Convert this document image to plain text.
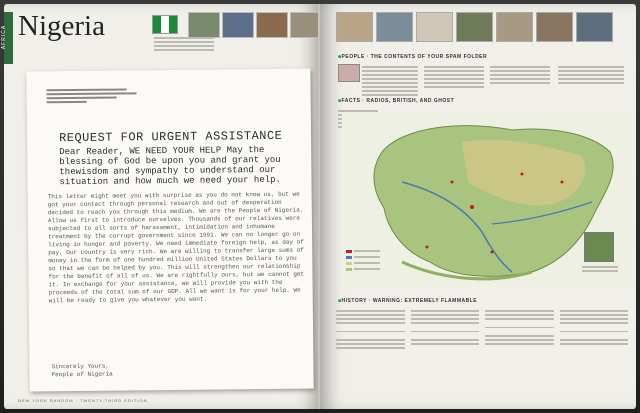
AFRICA Nigeria
REQUEST FOR URGENT ASSISTANCE
Dear Reader, WE NEED YOUR HELP May the blessing of God be upon you and grant you thewisdom and sympathy to understand our situation and how much we need your help.
This letter might meet you with surprise as you do not know us, but we got your contact through personal research and out of desperation decided to reach you through this medium. We are the People of Nigeria. Allow us first to introduce ourselves. Thousands of our relatives were subjected to all sorts of harassment, intimidation and inhumane treatment by the corrupt government since 1991. We can no longer go on living in hunger and poverty. We need immediate foreign help, as day of pay. Our country is very rich. We are willing to transfer large sums of money in the form of one hundred million United States Dollars to you so that we can be helped by you. This will strengthen our relationship for the benefit of all of us. We are rightfully ours, but we cannot get it. In exchange for your assistance, we will provide you with the proceeds of the total sum of our GDP. All we want is for your help. We will be ready to give you whatever you want.
Sincerely Yours,
People of Nigeria
NEW YORK RANDOM · TWENTY-THIRD EDITION
■ PEOPLE · THE CONTENTS OF YOUR SPAM FOLDER
■ FACTS · RADIOS, BRITISH, AND GHOST
■ HISTORY · WARNING: EXTREMELY FLAMMABLE
